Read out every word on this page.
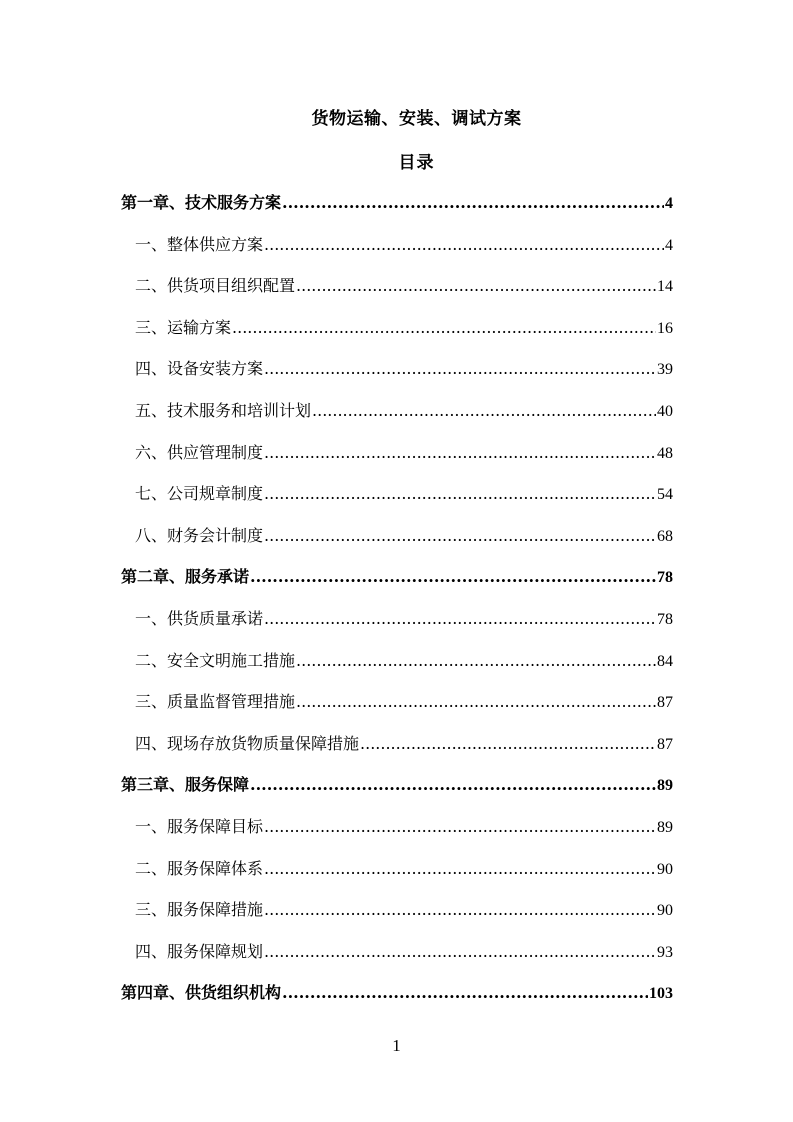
货物运输、安装、调试方案
目录
第一章、技术服务方案 .....	4
一、整体供应方案 .....	4
二、供货项目组织配置 .....	14
三、运输方案 .....	16
四、设备安装方案 .....	39
五、技术服务和培训计划 .....	40
六、供应管理制度 .....	48
七、公司规章制度 .....	54
八、财务会计制度 .....	68
第二章、服务承诺 .....	78
一、供货质量承诺 .....	78
二、安全文明施工措施 .....	84
三、质量监督管理措施 .....	87
四、现场存放货物质量保障措施 .....	87
第三章、服务保障 .....	89
一、服务保障目标 .....	89
二、服务保障体系 .....	90
三、服务保障措施 .....	90
四、服务保障规划 .....	93
第四章、供货组织机构 .....	103
1
